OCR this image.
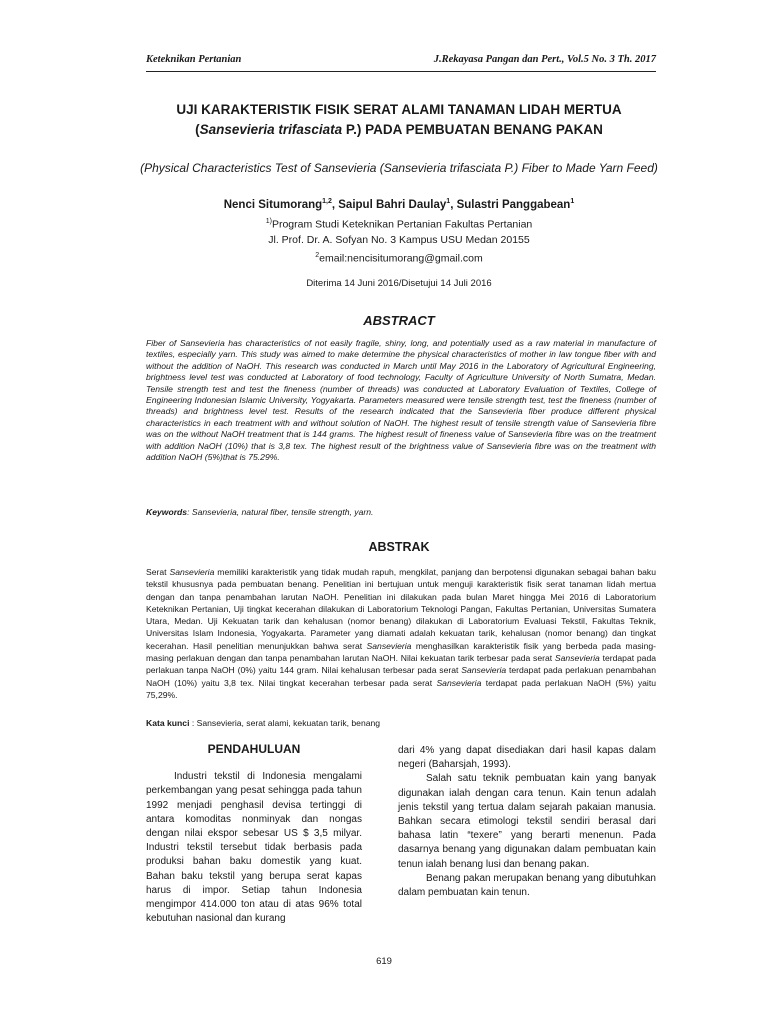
Keteknikan Pertanian	J.Rekayasa Pangan dan Pert., Vol.5 No. 3 Th. 2017
UJI KARAKTERISTIK FISIK SERAT ALAMI TANAMAN LIDAH MERTUA
(Sansevieria trifasciata P.) PADA PEMBUATAN BENANG PAKAN
(Physical Characteristics Test of Sansevieria (Sansevieria trifasciata P.) Fiber to Made Yarn Feed)
Nenci Situmorang$^{1,2}$, Saipul Bahri Daulay$^1$, Sulastri Panggabean$^1$
$^{1)}$Program Studi Keteknikan Pertanian Fakultas Pertanian
Jl. Prof. Dr. A. Sofyan No. 3 Kampus USU Medan 20155
$^2$email:nencisitumorang@gmail.com
Diterima 14 Juni 2016/Disetujui 14 Juli 2016
ABSTRACT
Fiber of Sansevieria has characteristics of not easily fragile, shiny, long, and potentially used as a raw material in manufacture of textiles, especially yarn. This study was aimed to make determine the physical characteristics of mother in law tongue fiber with and without the addition of NaOH. This research was conducted in March until May 2016 in the Laboratory of Agricultural Engineering, brightness level test was conducted at Laboratory of food technology, Faculty of Agriculture University of North Sumatra, Medan. Tensile strength test and test the fineness (number of threads) was conducted at Laboratory Evaluation of Textiles, College of Engineering Indonesian Islamic University, Yogyakarta. Parameters measured were tensile strength test, test the fineness (number of threads) and brightness level test. Results of the research indicated that the Sansevieria fiber produce different physical characteristics in each treatment with and without solution of NaOH. The highest result of tensile strength value of Sansevieria fibre was on the without NaOH treatment that is 144 grams. The highest result of fineness value of Sansevieria fibre was on the treatment with addition NaOH (10%) that is 3,8 tex. The highest result of the brightness value of Sansevieria fibre was on the treatment with addition NaOH (5%)that is 75.29%.
Keywords: Sansevieria, natural fiber, tensile strength, yarn.
ABSTRAK
Serat Sansevieria memiliki karakteristik yang tidak mudah rapuh, mengkilat, panjang dan berpotensi digunakan sebagai bahan baku tekstil khususnya pada pembuatan benang. Penelitian ini bertujuan untuk menguji karakteristik fisik serat tanaman lidah mertua dengan dan tanpa penambahan larutan NaOH. Penelitian ini dilakukan pada bulan Maret hingga Mei 2016 di Laboratorium Keteknikan Pertanian, Uji tingkat kecerahan dilakukan di Laboratorium Teknologi Pangan, Fakultas Pertanian, Universitas Sumatera Utara, Medan. Uji Kekuatan tarik dan kehalusan (nomor benang) dilakukan di Laboratorium Evaluasi Tekstil, Fakultas Teknik, Universitas Islam Indonesia, Yogyakarta. Parameter yang diamati adalah kekuatan tarik, kehalusan (nomor benang) dan tingkat kecerahan. Hasil penelitian menunjukkan bahwa serat Sansevieria menghasilkan karakteristik fisik yang berbeda pada masing-masing perlakuan dengan dan tanpa penambahan larutan NaOH. Nilai kekuatan tarik terbesar pada serat Sansevieria terdapat pada perlakuan tanpa NaOH (0%) yaitu 144 gram. Nilai kehalusan terbesar pada serat Sansevieria terdapat pada perlakuan penambahan NaOH (10%) yaitu 3,8 tex. Nilai tingkat kecerahan terbesar pada serat Sansevieria terdapat pada perlakuan NaOH (5%) yaitu 75,29%.
Kata kunci : Sansevieria, serat alami, kekuatan tarik, benang
PENDAHULUAN

Industri tekstil di Indonesia mengalami perkembangan yang pesat sehingga pada tahun 1992 menjadi penghasil devisa tertinggi di antara komoditas nonminyak dan nongas dengan nilai ekspor sebesar US $ 3,5 milyar. Industri tekstil tersebut tidak berbasis pada produksi bahan baku domestik yang kuat. Bahan baku tekstil yang berupa serat kapas harus di impor. Setiap tahun Indonesia mengimpor 414.000 ton atau di atas 96% total kebutuhan nasional dan kurang

dari 4% yang dapat disediakan dari hasil kapas dalam negeri (Baharsjah, 1993).

Salah satu teknik pembuatan kain yang banyak digunakan ialah dengan cara tenun. Kain tenun adalah jenis tekstil yang tertua dalam sejarah pakaian manusia. Bahkan secara etimologi tekstil sendiri berasal dari bahasa latin “texere” yang berarti menenun. Pada dasarnya benang yang digunakan dalam pembuatan kain tenun ialah benang lusi dan benang pakan.

Benang pakan merupakan benang yang dibutuhkan dalam pembuatan kain tenun.

619
